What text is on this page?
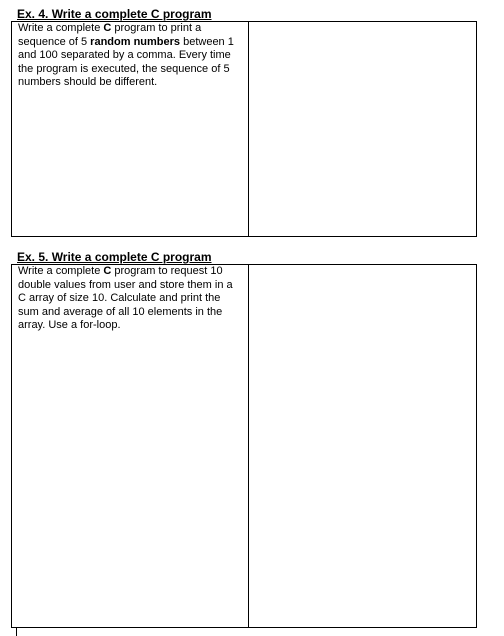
Ex. 4. Write a complete C program
Write a complete C program to print a sequence of 5 random numbers between 1 and 100 separated by a comma. Every time the program is executed, the sequence of 5 numbers should be different.
Ex. 5. Write a complete C program
Write a complete C program to request 10 double values from user and store them in a C array of size 10. Calculate and print the sum and average of all 10 elements in the array. Use a for-loop.
